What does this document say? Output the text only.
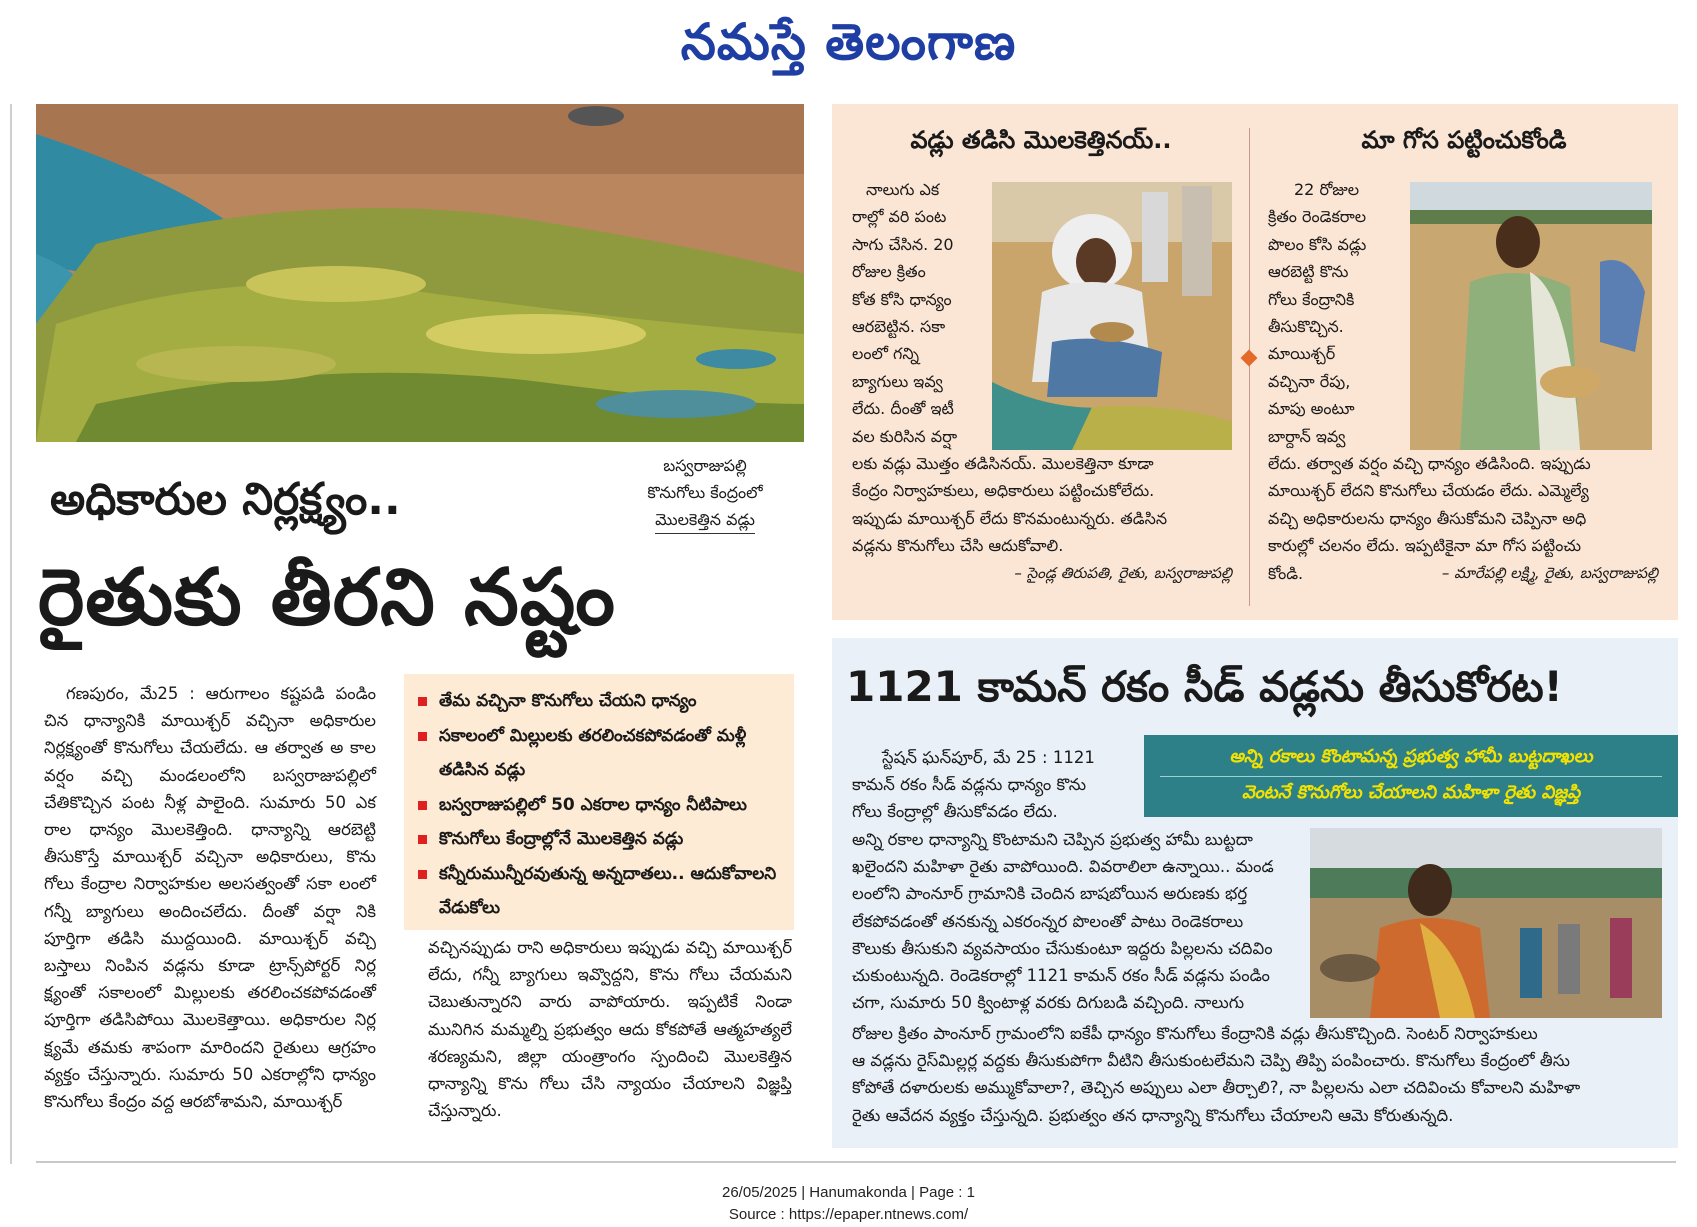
నమస్తే తెలంగాణ
అధికారుల నిర్లక్ష్యం..
బస్వరాజుపల్లి
కొనుగోలు కేంద్రంలో
మొలకెత్తిన వడ్లు
రైతుకు తీరని నష్టం

గణపురం, మే25 : ఆరుగాలం కష్టపడి పండిం చిన ధాన్యానికి మాయిశ్చర్ వచ్చినా అధికారుల నిర్లక్ష్యంతో కొనుగోలు చేయలేదు. ఆ తర్వాత అ కాల వర్షం వచ్చి మండలంలోని బస్వరాజుపల్లిలో చేతికొచ్చిన పంట నీళ్ల పాలైంది. సుమారు 50 ఎక రాల ధాన్యం మొలకెత్తింది. ధాన్యాన్ని ఆరబెట్టి తీసుకొస్తే మాయిశ్చర్ వచ్చినా అధికారులు, కొను గోలు కేంద్రాల నిర్వాహకుల అలసత్వంతో సకా లంలో గన్నీ బ్యాగులు అందించలేదు. దీంతో వర్షా నికి పూర్తిగా తడిసి ముద్దయింది. మాయిశ్చర్ వచ్చి బస్తాలు నింపిన వడ్లను కూడా ట్రాన్స్‌పోర్టర్ నిర్ల క్ష్యంతో సకాలంలో మిల్లులకు తరలించకపోవడంతో పూర్తిగా తడిసిపోయి మొలకెత్తాయి. అధికారుల నిర్ల క్ష్యమే తమకు శాపంగా మారిందని రైతులు ఆగ్రహం వ్యక్తం చేస్తున్నారు. సుమారు 50 ఎకరాల్లోని ధాన్యం కొనుగోలు కేంద్రం వద్ద ఆరబోశామని, మాయిశ్చర్

తేమ వచ్చినా కొనుగోలు చేయని ధాన్యం
సకాలంలో మిల్లులకు తరలించకపోవడంతో మళ్లీ తడిసిన వడ్లు
బస్వరాజుపల్లిలో 50 ఎకరాల ధాన్యం నీటిపాలు
కొనుగోలు కేంద్రాల్లోనే మొలకెత్తిన వడ్లు
కన్నీరుమున్నీరవుతున్న అన్నదాతలు.. ఆదుకోవాలని వేడుకోలు

వచ్చినప్పుడు రాని అధికారులు ఇప్పుడు వచ్చి మాయిశ్చర్ లేదు, గన్నీ బ్యాగులు ఇవ్వొద్దని, కొను గోలు చేయమని చెబుతున్నారని వారు వాపోయారు. ఇప్పటికే నిండా మునిగిన మమ్మల్ని ప్రభుత్వం ఆదు కోకపోతే ఆత్మహత్యలే శరణ్యమని, జిల్లా యంత్రాంగం స్పందించి మొలకెత్తిన ధాన్యాన్ని కొను గోలు చేసి న్యాయం చేయాలని విజ్ఞప్తి చేస్తున్నారు.

వడ్లు తడిసి మొలకెత్తినయ్..
నాలుగు ఎక
రాల్లో వరి పంట
సాగు చేసిన. 20
రోజుల క్రితం
కోత కోసి ధాన్యం
ఆరబెట్టిన. సకా
లంలో గన్ని
బ్యాగులు ఇవ్వ
లేదు. దీంతో ఇటీ
వల కురిసిన వర్షా
లకు వడ్లు మొత్తం తడిసినయ్. మొలకెత్తినా కూడా
కేంద్రం నిర్వాహకులు, అధికారులు పట్టించుకోలేదు.
ఇప్పుడు మాయిశ్చర్ లేదు కొనమంటున్నరు. తడిసిన
వడ్లను కొనుగోలు చేసి ఆదుకోవాలి.
– సైండ్ల తిరుపతి, రైతు, బస్వరాజుపల్లి
మా గోస పట్టించుకోండి
22 రోజుల
క్రితం రెండెకరాల
పొలం కోసి వడ్లు
ఆరబెట్టి కొను
గోలు కేంద్రానికి
తీసుకొచ్చిన.
మాయిశ్చర్
వచ్చినా రేపు,
మాపు అంటూ
బార్దాన్ ఇవ్వ
లేదు. తర్వాత వర్షం వచ్చి ధాన్యం తడిసింది. ఇప్పుడు
మాయిశ్చర్ లేదని కొనుగోలు చేయడం లేదు. ఎమ్మెల్యే
వచ్చి అధికారులను ధాన్యం తీసుకోమని చెప్పినా అధి
కారుల్లో చలనం లేదు. ఇప్పటికైనా మా గోస పట్టించు
కోండి.	– మారేపల్లి లక్ష్మి, రైతు, బస్వరాజుపల్లి
1121 కామన్ రకం సీడ్ వడ్లను తీసుకోరట!
అన్ని రకాలు కొంటామన్న ప్రభుత్వ హామీ బుట్టదాఖలు
వెంటనే కొనుగోలు చేయాలని మహిళా రైతు విజ్ఞప్తి
స్టేషన్ ఘన్‌పూర్, మే 25 : 1121
కామన్ రకం సీడ్ వడ్లను ధాన్యం కొను
గోలు కేంద్రాల్లో తీసుకోవడం లేదు.
అన్ని రకాల ధాన్యాన్ని కొంటామని చెప్పిన ప్రభుత్వ హామీ బుట్టదా
ఖలైందని మహిళా రైతు వాపోయింది. వివరాలిలా ఉన్నాయి.. మండ
లంలోని పాంనూర్ గ్రామానికి చెందిన బాషబోయిన అరుణకు భర్త
లేకపోవడంతో తనకున్న ఎకరంన్నర పొలంతో పాటు రెండెకరాలు
కౌలుకు తీసుకుని వ్యవసాయం చేసుకుంటూ ఇద్దరు పిల్లలను చదివిం
చుకుంటున్నది. రెండెకరాల్లో 1121 కామన్ రకం సీడ్ వడ్లను పండిం
చగా, సుమారు 50 క్వింటాళ్ల వరకు దిగుబడి వచ్చింది. నాలుగు
రోజుల క్రితం పాంనూర్ గ్రామంలోని ఐకేపీ ధాన్యం కొనుగోలు కేంద్రానికి వడ్లు తీసుకొచ్చింది. సెంటర్ నిర్వాహకులు
ఆ వడ్లను రైస్‌మిల్లర్ల వద్దకు తీసుకుపోగా వీటిని తీసుకుంటలేమని చెప్పి తిప్పి పంపించారు. కొనుగోలు కేంద్రంలో తీసు
కోపోతే దళారులకు అమ్ముకోవాలా?, తెచ్చిన అప్పులు ఎలా తీర్చాలి?, నా పిల్లలను ఎలా చదివించు కోవాలని మహిళా
రైతు ఆవేదన వ్యక్తం చేస్తున్నది. ప్రభుత్వం తన ధాన్యాన్ని కొనుగోలు చేయాలని ఆమె కోరుతున్నది.
26/05/2025 | Hanumakonda | Page : 1
Source : https://epaper.ntnews.com/
